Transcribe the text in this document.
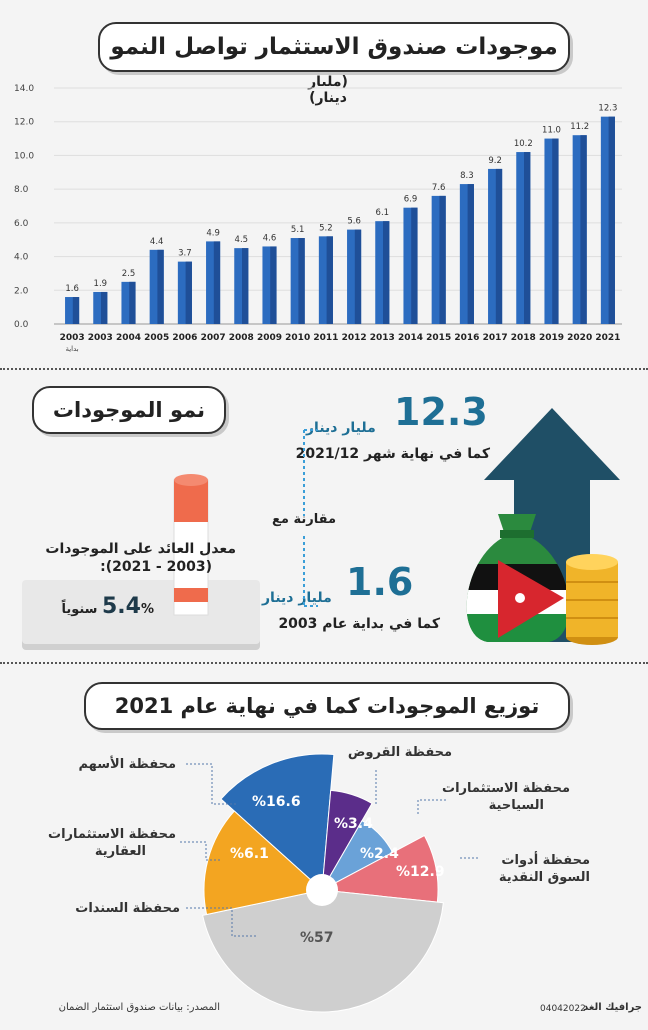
موجودات صندوق الاستثمار تواصل النمو
(مليار دينار)
0.0
2.0
4.0
6.0
8.0
10.0
12.0
14.0
1.6
2003
بداية
1.9
2003
2.5
2004
4.4
2005
3.7
2006
4.9
2007
4.5
2008
4.6
2009
5.1
2010
5.2
2011
5.6
2012
6.1
2013
6.9
2014
7.6
2015
8.3
2016
9.2
2017
10.2
2018
11.0
2019
11.2
2020
12.3
2021
نمو الموجودات	12.3
مليار دينار
كما في نهاية شهر 2021/12
مقارنة مع
1.6
مليار دينار
كما في بداية عام 2003
معدل العائد على الموجودات
(2003 - 2021):
5.4% سنوياً
توزيع الموجودات كما في نهاية عام 2021
%16.6
%3.4
%2.4
%12.9
%57
%6.1
محفظة الأسهم
محفظة القروض
محفظة الاستثمارات
السياحية
محفظة أدوات
السوق النقدية
محفظة الاستثمارات
العقارية
محفظة السندات
المصدر: بيانات صندوق استثمار الضمان	04042022
جرافيك الغد
